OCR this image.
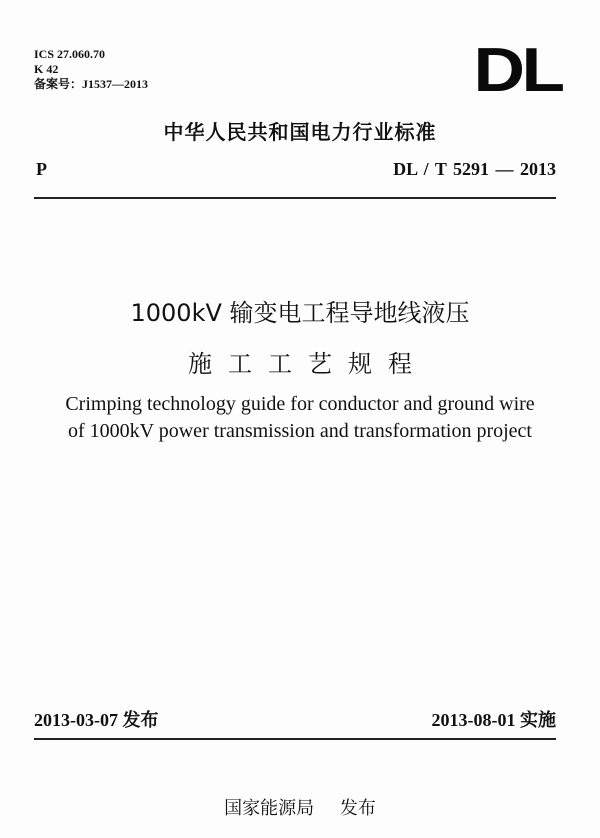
ICS 27.060.70
K 42
备案号：J1537—2013	DL
中华人民共和国电力行业标准
P	DL / T 5291 — 2013
1000kV 输变电工程导地线液压
施工工艺规程
Crimping technology guide for conductor and ground wire
of 1000kV power transmission and transformation project
2013-03-07 发布	2013-08-01 实施
国家能源局 发布
